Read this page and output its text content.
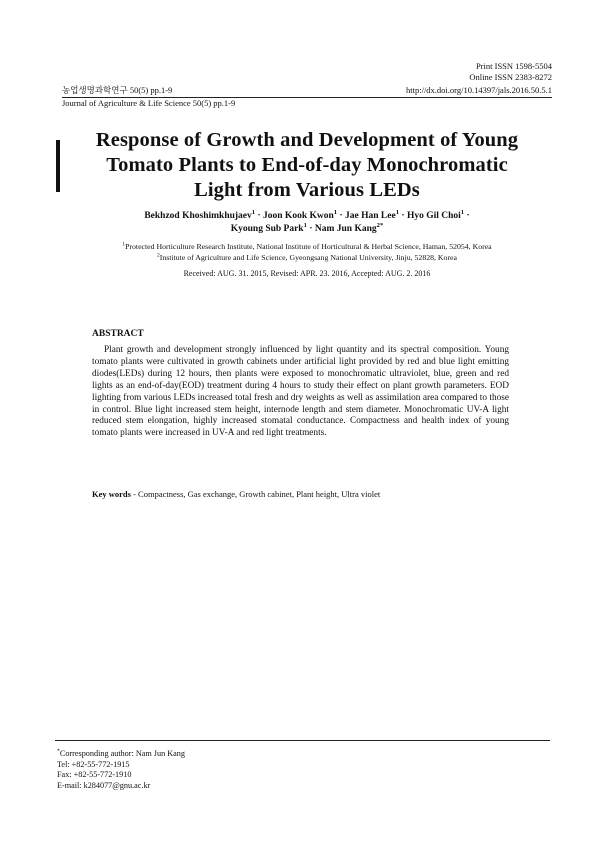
Print ISSN 1598-5504
Online ISSN 2383-8272
농업생명과학연구 50(5) pp.1-9	http://dx.doi.org/10.14397/jals.2016.50.5.1
Journal of Agriculture & Life Science 50(5) pp.1-9
Response of Growth and Development of Young
Tomato Plants to End-of-day Monochromatic
Light from Various LEDs
Bekhzod Khoshimkhujaev$^1$ · Joon Kook Kwon$^1$ · Jae Han Lee$^1$ · Hyo Gil Choi$^1$ ·
Kyoung Sub Park$^1$ · Nam Jun Kang$^{2*}$
$^1$Protected Horticulture Research Institute, National Institute of Horticultural & Herbal Science, Haman, 52054, Korea
$^2$Institute of Agriculture and Life Science, Gyeongsang National University, Jinju, 52828, Korea
Received: AUG. 31. 2015, Revised: APR. 23. 2016, Accepted: AUG. 2. 2016
ABSTRACT

Plant growth and development strongly influenced by light quantity and its spectral composition. Young tomato plants were cultivated in growth cabinets under artificial light provided by red and blue light emitting diodes(LEDs) during 12 hours, then plants were exposed to monochromatic ultraviolet, blue, green and red lights as an end-of-day(EOD) treatment during 4 hours to study their effect on plant growth parameters. EOD lighting from various LEDs increased total fresh and dry weights as well as assimilation area compared to those in control. Blue light increased stem height, internode length and stem diameter. Monochromatic UV-A light reduced stem elongation, highly increased stomatal conductance. Compactness and health index of young tomato plants were increased in UV-A and red light treatments.

Key words - Compactness, Gas exchange, Growth cabinet, Plant height, Ultra violet
*Corresponding author: Nam Jun Kang
Tel: +82-55-772-1915
Fax: +82-55-772-1910
E-mail: k284077@gnu.ac.kr
